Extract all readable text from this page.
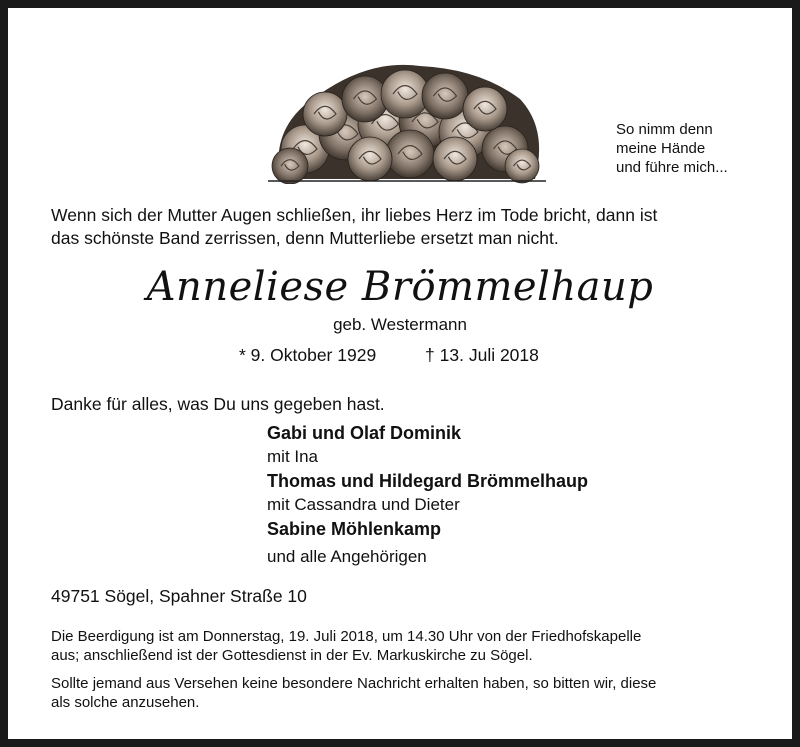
So nimm denn
meine Hände
und führe mich...
Wenn sich der Mutter Augen schließen, ihr liebes Herz im Tode bricht, dann ist
das schönste Band zerrissen, denn Mutterliebe ersetzt man nicht.
Anneliese Brömmelhaup
geb. Westermann
* 9. Oktober 1929	† 13. Juli 2018
Danke für alles, was Du uns gegeben hast.
Gabi und Olaf Dominik
mit Ina
Thomas und Hildegard Brömmelhaup
mit Cassandra und Dieter
Sabine Möhlenkamp
und alle Angehörigen
49751 Sögel, Spahner Straße 10
Die Beerdigung ist am Donnerstag, 19. Juli 2018, um 14.30 Uhr von der Friedhofskapelle
aus; anschließend ist der Gottesdienst in der Ev. Markuskirche zu Sögel.
Sollte jemand aus Versehen keine besondere Nachricht erhalten haben, so bitten wir, diese
als solche anzusehen.
